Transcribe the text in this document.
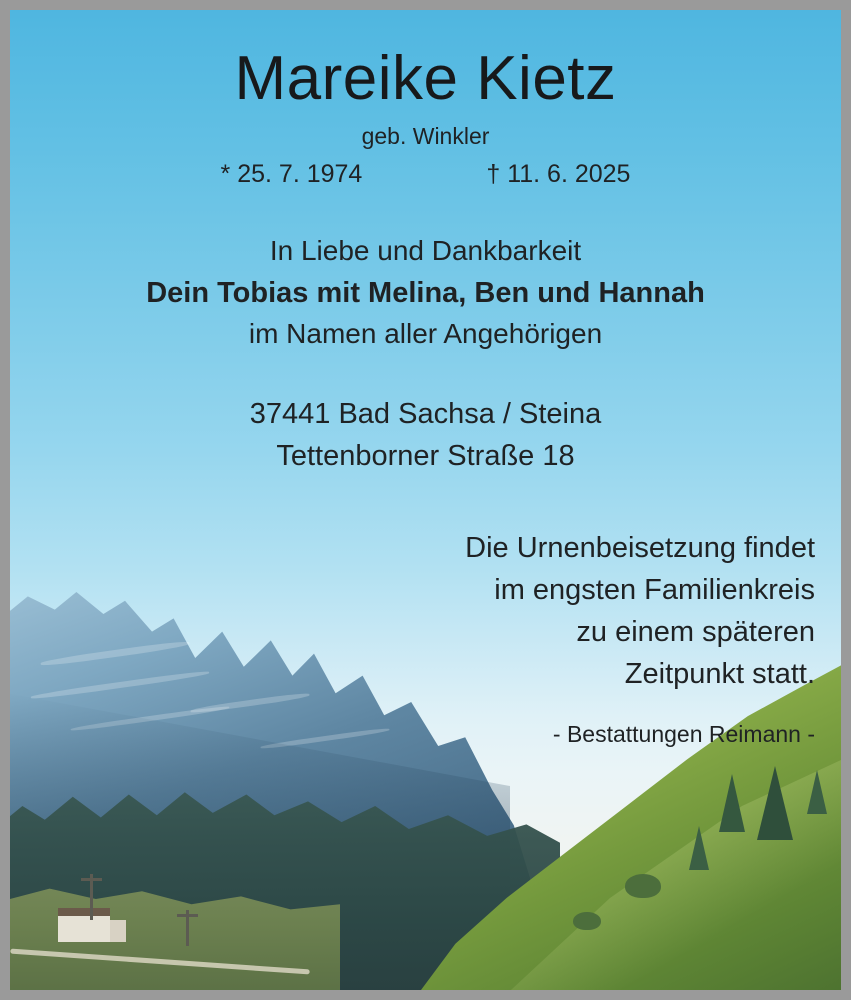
Mareike Kietz
geb. Winkler
* 25. 7. 1974	† 11. 6. 2025
In Liebe und Dankbarkeit
Dein Tobias mit Melina, Ben und Hannah
im Namen aller Angehörigen
37441 Bad Sachsa / Steina
Tettenborner Straße 18
Die Urnenbeisetzung findet
im engsten Familienkreis
zu einem späteren
Zeitpunkt statt.
- Bestattungen Reimann -
